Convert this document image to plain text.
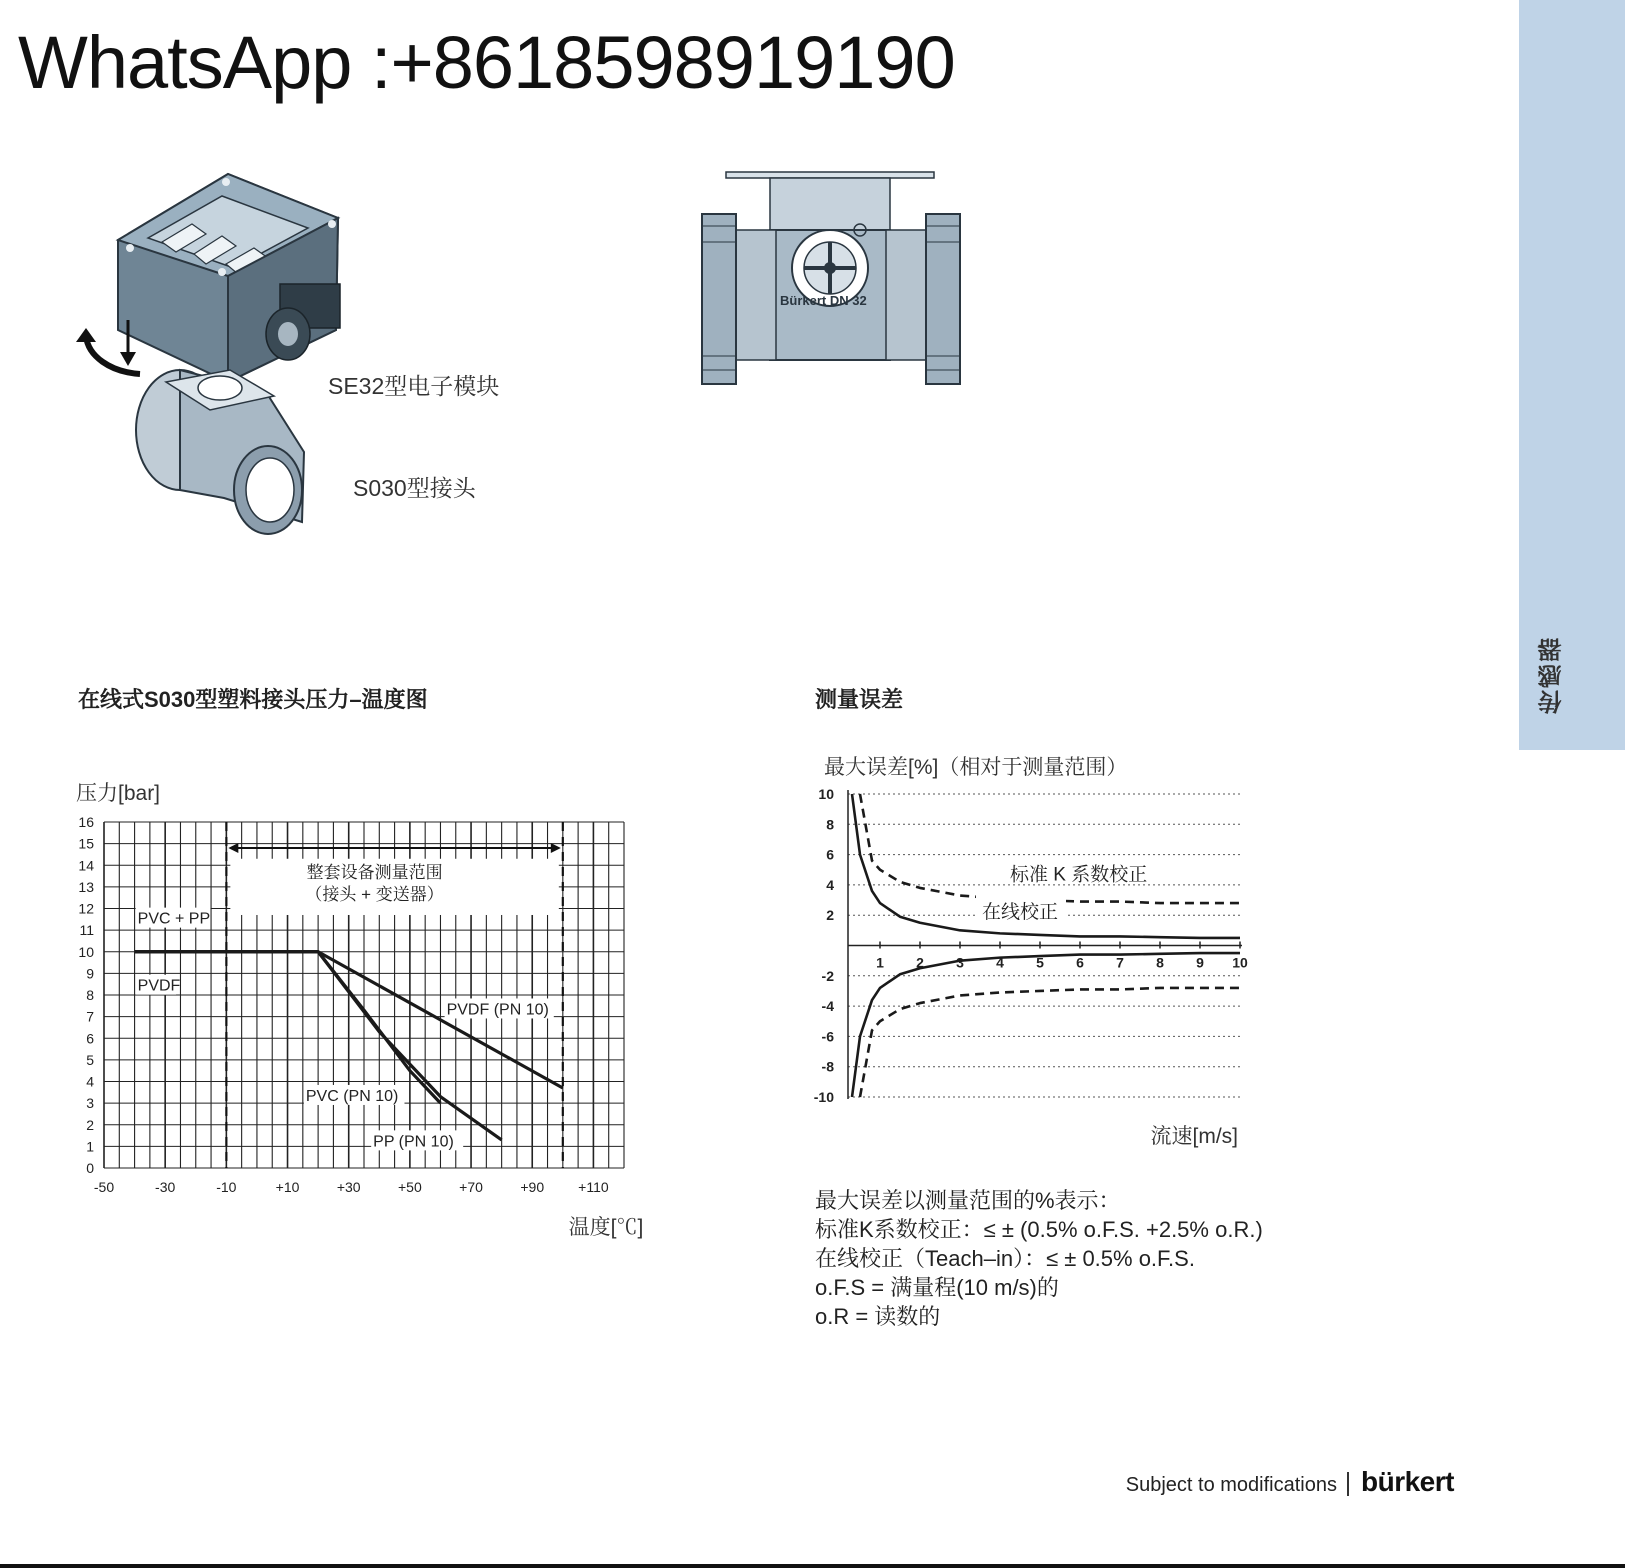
WhatsApp :+8618598919190
传感器
SE32型电子模块
S030型接头
Bürkert DN 32
在线式S030型塑料接头压力–温度图	测量误差
压力[bar]
0
1
2
3
4
5
6
7
8
9
10
11
12
13
14
15
16
-50	-30	-10	+10	+30	+50	+70	+90 +110
温度[℃]
整套设备测量范围
（接头 + 变送器）
PVC + PP
PVDF
PVDF (PN 10)
PVC (PN 10)
PP (PN 10)
最大误差[%]（相对于测量范围）
10
8
6
4
2
-2
-4
-6
-8
-10
1 2 3 4 5 6 7 8 9 10
流速[m/s]
标准 K 系数校正
在线校正
最大误差以测量范围的%表示：
标准K系数校正：≤ ± (0.5% o.F.S. +2.5% o.R.)
在线校正（Teach–in）：≤ ± 0.5% o.F.S.
o.F.S = 满量程(10 m/s)的
o.R = 读数的
Subject to modifications bürkert
